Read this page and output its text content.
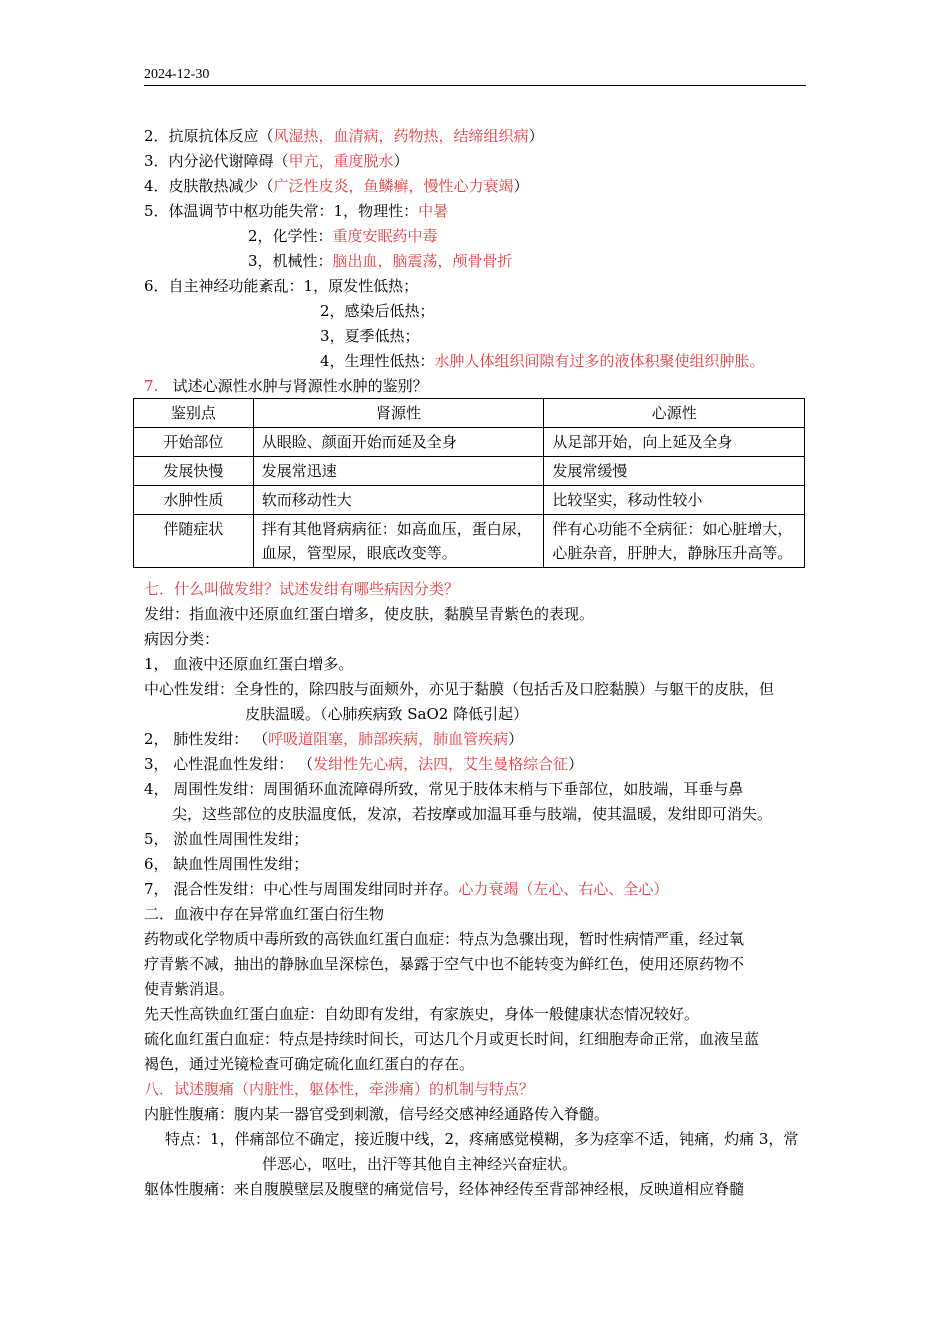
2024-12-30
2．抗原抗体反应（风湿热，血清病，药物热，结缔组织病）
3．内分泌代谢障碍（甲亢，重度脱水）
4．皮肤散热减少（广泛性皮炎，鱼鳞癣，慢性心力衰竭）
5．体温调节中枢功能失常：1，物理性：中暑
2，化学性：重度安眠药中毒
3，机械性：脑出血，脑震荡，颅骨骨折
6．自主神经功能紊乱：1，原发性低热；
2，感染后低热；
3，夏季低热；
4，生理性低热：水肿人体组织间隙有过多的液体积聚使组织肿胀。
7. 试述心源性水肿与肾源性水肿的鉴别？
鉴别点	肾源性	心源性
开始部位	从眼睑、颜面开始而延及全身	从足部开始，向上延及全身
发展快慢	发展常迅速	发展常缓慢
水肿性质	软而移动性大	比较坚实，移动性较小
伴随症状	拌有其他肾病病征：如高血压，蛋白尿，血尿，管型尿，眼底改变等。	伴有心功能不全病征：如心脏增大，心脏杂音，肝肿大，静脉压升高等。
七．什么叫做发绀？试述发绀有哪些病因分类？
发绀：指血液中还原血红蛋白增多，使皮肤，黏膜呈青紫色的表现。
病因分类：
1， 血液中还原血红蛋白增多。
中心性发绀：全身性的，除四肢与面颊外，亦见于黏膜（包括舌及口腔黏膜）与躯干的皮肤，但
皮肤温暖。（心肺疾病致 SaO2 降低引起）
2， 肺性发绀： （呼吸道阻塞，肺部疾病，肺血管疾病）
3， 心性混血性发绀： （发绀性先心病，法四，艾生曼格综合征）
4， 周围性发绀：周围循环血流障碍所致，常见于肢体末梢与下垂部位，如肢端，耳垂与鼻
尖，这些部位的皮肤温度低，发凉，若按摩或加温耳垂与肢端，使其温暖，发绀即可消失。
5， 淤血性周围性发绀；
6， 缺血性周围性发绀；
7， 混合性发绀：中心性与周围发绀同时并存。心力衰竭（左心、右心、全心）
二．血液中存在异常血红蛋白衍生物
药物或化学物质中毒所致的高铁血红蛋白血症：特点为急骤出现，暂时性病情严重，经过氧
疗青紫不减，抽出的静脉血呈深棕色，暴露于空气中也不能转变为鲜红色，使用还原药物不
使青紫消退。
先天性高铁血红蛋白血症：自幼即有发绀，有家族史，身体一般健康状态情况较好。
硫化血红蛋白血症：特点是持续时间长，可达几个月或更长时间，红细胞寿命正常，血液呈蓝
褐色，通过光镜检查可确定硫化血红蛋白的存在。
八．试述腹痛（内脏性，躯体性，牵涉痛）的机制与特点？
内脏性腹痛：腹内某一器官受到刺激，信号经交感神经通路传入脊髓。
特点：1，伴痛部位不确定，接近腹中线，2，疼痛感觉模糊，多为痉挛不适，钝痛，灼痛 3，常
伴恶心，呕吐，出汗等其他自主神经兴奋症状。
躯体性腹痛：来自腹膜壁层及腹壁的痛觉信号，经体神经传至背部神经根，反映道相应脊髓
